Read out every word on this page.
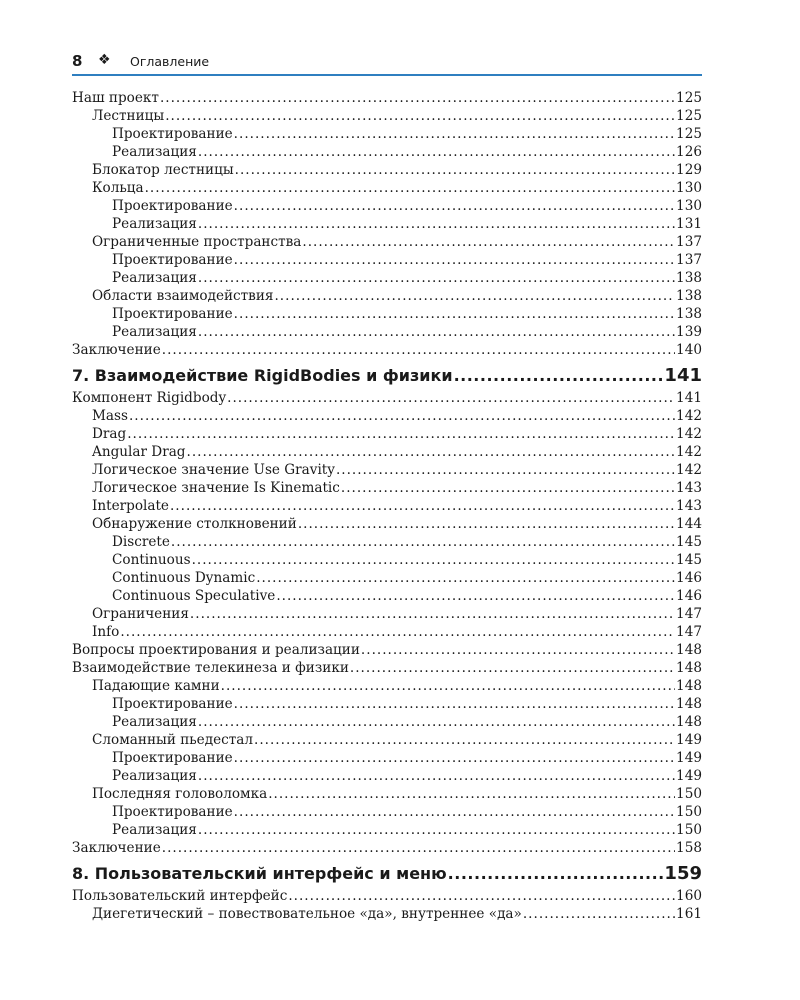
8 ❖ Оглавление
Наш проект .....	125
Лестницы .....	125
Проектирование .....	125
Реализация .....	126
Блокатор лестницы .....	129
Кольца .....	130
Проектирование .....	130
Реализация .....	131
Ограниченные пространства .....	137
Проектирование .....	137
Реализация .....	138
Области взаимодействия .....	138
Проектирование .....	138
Реализация .....	139
Заключение .....	140
7. Взаимодействие RigidBodies и физики .....	141
Компонент Rigidbody .....	141
Mass .....	142
Drag .....	142
Angular Drag .....	142
Логическое значение Use Gravity .....	142
Логическое значение Is Kinematic .....	143
Interpolate .....	143
Обнаружение столкновений .....	144
Discrete .....	145
Continuous .....	145
Continuous Dynamic .....	146
Continuous Speculative .....	146
Ограничения .....	147
Info .....	147
Вопросы проектирования и реализации .....	148
Взаимодействие телекинеза и физики .....	148
Падающие камни .....	148
Проектирование .....	148
Реализация .....	148
Сломанный пьедестал .....	149
Проектирование .....	149
Реализация .....	149
Последняя головоломка .....	150
Проектирование .....	150
Реализация .....	150
Заключение .....	158
8. Пользовательский интерфейс и меню .....	159
Пользовательский интерфейс .....	160
Диегетический – повествовательное «да», внутреннее «да» .....	161
